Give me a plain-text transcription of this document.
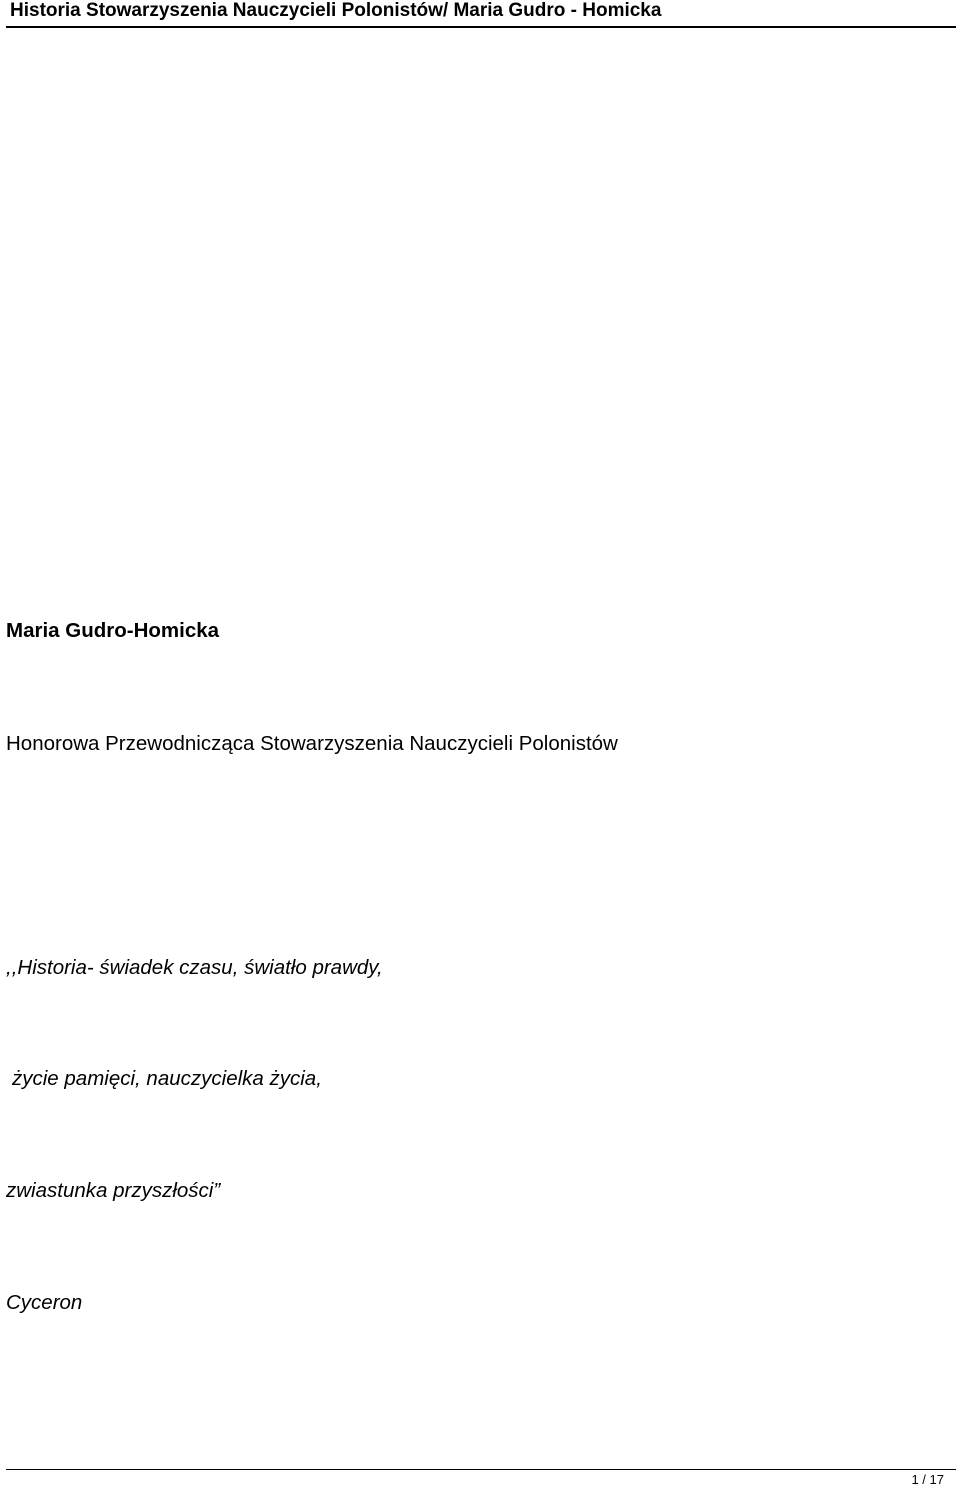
Historia Stowarzyszenia Nauczycieli Polonistów/ Maria Gudro - Homicka
Maria Gudro-Homicka
Honorowa Przewodnicząca Stowarzyszenia Nauczycieli Polonistów
,,Historia- świadek czasu, światło prawdy,
życie pamięci, nauczycielka życia,
zwiastunka przyszłości”
Cyceron
1 / 17
